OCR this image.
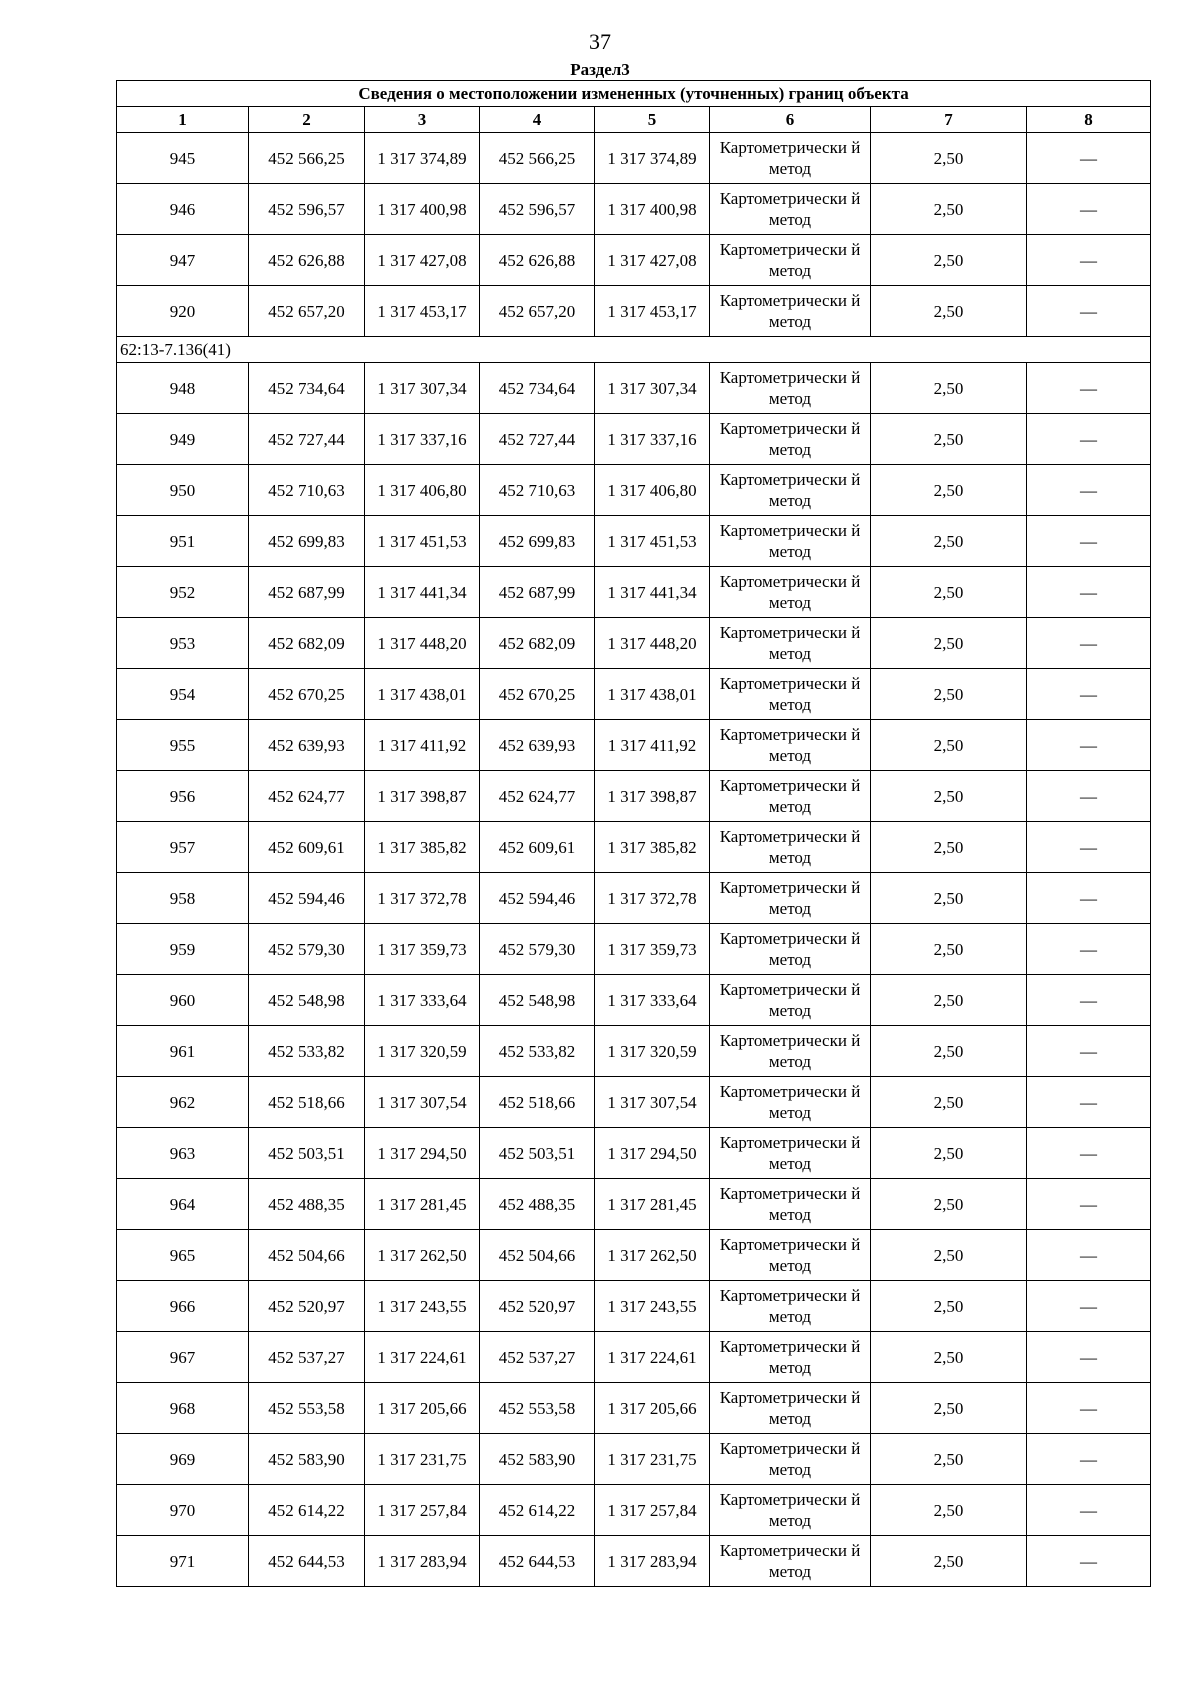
37
Раздел3
Сведения о местоположении измененных (уточненных) границ объекта							
1	2	3	4	5	6	7	8
945	452 566,25	1 317 374,89	452 566,25	1 317 374,89	Картометрически й метод	2,50	—
946	452 596,57	1 317 400,98	452 596,57	1 317 400,98	Картометрически й метод	2,50	—
947	452 626,88	1 317 427,08	452 626,88	1 317 427,08	Картометрически й метод	2,50	—
920	452 657,20	1 317 453,17	452 657,20	1 317 453,17	Картометрически й метод	2,50	—
62:13-7.136(41)							
948	452 734,64	1 317 307,34	452 734,64	1 317 307,34	Картометрически й метод	2,50	—
949	452 727,44	1 317 337,16	452 727,44	1 317 337,16	Картометрически й метод	2,50	—
950	452 710,63	1 317 406,80	452 710,63	1 317 406,80	Картометрически й метод	2,50	—
951	452 699,83	1 317 451,53	452 699,83	1 317 451,53	Картометрически й метод	2,50	—
952	452 687,99	1 317 441,34	452 687,99	1 317 441,34	Картометрически й метод	2,50	—
953	452 682,09	1 317 448,20	452 682,09	1 317 448,20	Картометрически й метод	2,50	—
954	452 670,25	1 317 438,01	452 670,25	1 317 438,01	Картометрически й метод	2,50	—
955	452 639,93	1 317 411,92	452 639,93	1 317 411,92	Картометрически й метод	2,50	—
956	452 624,77	1 317 398,87	452 624,77	1 317 398,87	Картометрически й метод	2,50	—
957	452 609,61	1 317 385,82	452 609,61	1 317 385,82	Картометрически й метод	2,50	—
958	452 594,46	1 317 372,78	452 594,46	1 317 372,78	Картометрически й метод	2,50	—
959	452 579,30	1 317 359,73	452 579,30	1 317 359,73	Картометрически й метод	2,50	—
960	452 548,98	1 317 333,64	452 548,98	1 317 333,64	Картометрически й метод	2,50	—
961	452 533,82	1 317 320,59	452 533,82	1 317 320,59	Картометрически й метод	2,50	—
962	452 518,66	1 317 307,54	452 518,66	1 317 307,54	Картометрически й метод	2,50	—
963	452 503,51	1 317 294,50	452 503,51	1 317 294,50	Картометрически й метод	2,50	—
964	452 488,35	1 317 281,45	452 488,35	1 317 281,45	Картометрически й метод	2,50	—
965	452 504,66	1 317 262,50	452 504,66	1 317 262,50	Картометрически й метод	2,50	—
966	452 520,97	1 317 243,55	452 520,97	1 317 243,55	Картометрически й метод	2,50	—
967	452 537,27	1 317 224,61	452 537,27	1 317 224,61	Картометрически й метод	2,50	—
968	452 553,58	1 317 205,66	452 553,58	1 317 205,66	Картометрически й метод	2,50	—
969	452 583,90	1 317 231,75	452 583,90	1 317 231,75	Картометрически й метод	2,50	—
970	452 614,22	1 317 257,84	452 614,22	1 317 257,84	Картометрически й метод	2,50	—
971	452 644,53	1 317 283,94	452 644,53	1 317 283,94	Картометрически й метод	2,50	—
